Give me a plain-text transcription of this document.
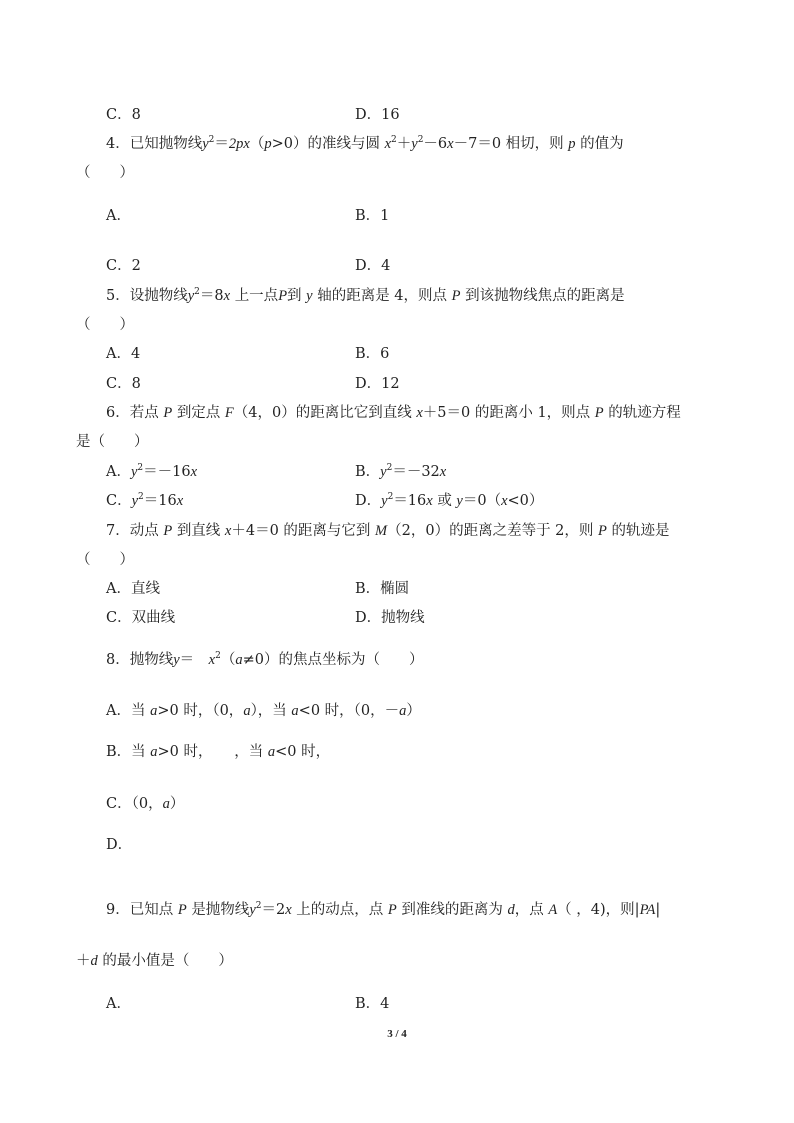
C．8	D．16
4．已知抛物线$y^2=2px(p>0)$的准线与圆 $x^2+y^2-6x-7=0$ 相切，则 p 的值为
（　　）
A．	B．1
C．2	D．4
5．设抛物线$y^2=8x$ 上一点P到 y 轴的距离是 4，则点 P 到该抛物线焦点的距离是
（　　）
A．4	B．6
C．8	D．12
6．若点 P 到定点 F（4，0）的距离比它到直线 x＋5＝0 的距离小 1，则点 P 的轨迹方程
是（　　）
A．$y^2=-16x$	B．$y^2=-32x$
C．$y^2=16x$	D．$y^2=16x$ 或 y＝0（x<0）
7．动点 P 到直线 x＋4＝0 的距离与它到 M（2，0）的距离之差等于 2，则 P 的轨迹是
（　　）
A．直线	B．椭圆
C．双曲线	D．抛物线
8．抛物线y＝　$x^2(a\ne 0)$的焦点坐标为（　　）
A．当 a>0 时，（0，a），当 a<0 时，（0，－a）
B．当 a>0 时，　　，当 a<0 时，
C．（0，a）
D．
9．已知点 P 是抛物线$y^2=2x$ 上的动点，点 P 到准线的距离为 d，点 A（ ，4)，则|PA|
＋d 的最小值是（　　）
A．	B．4
3 / 4
